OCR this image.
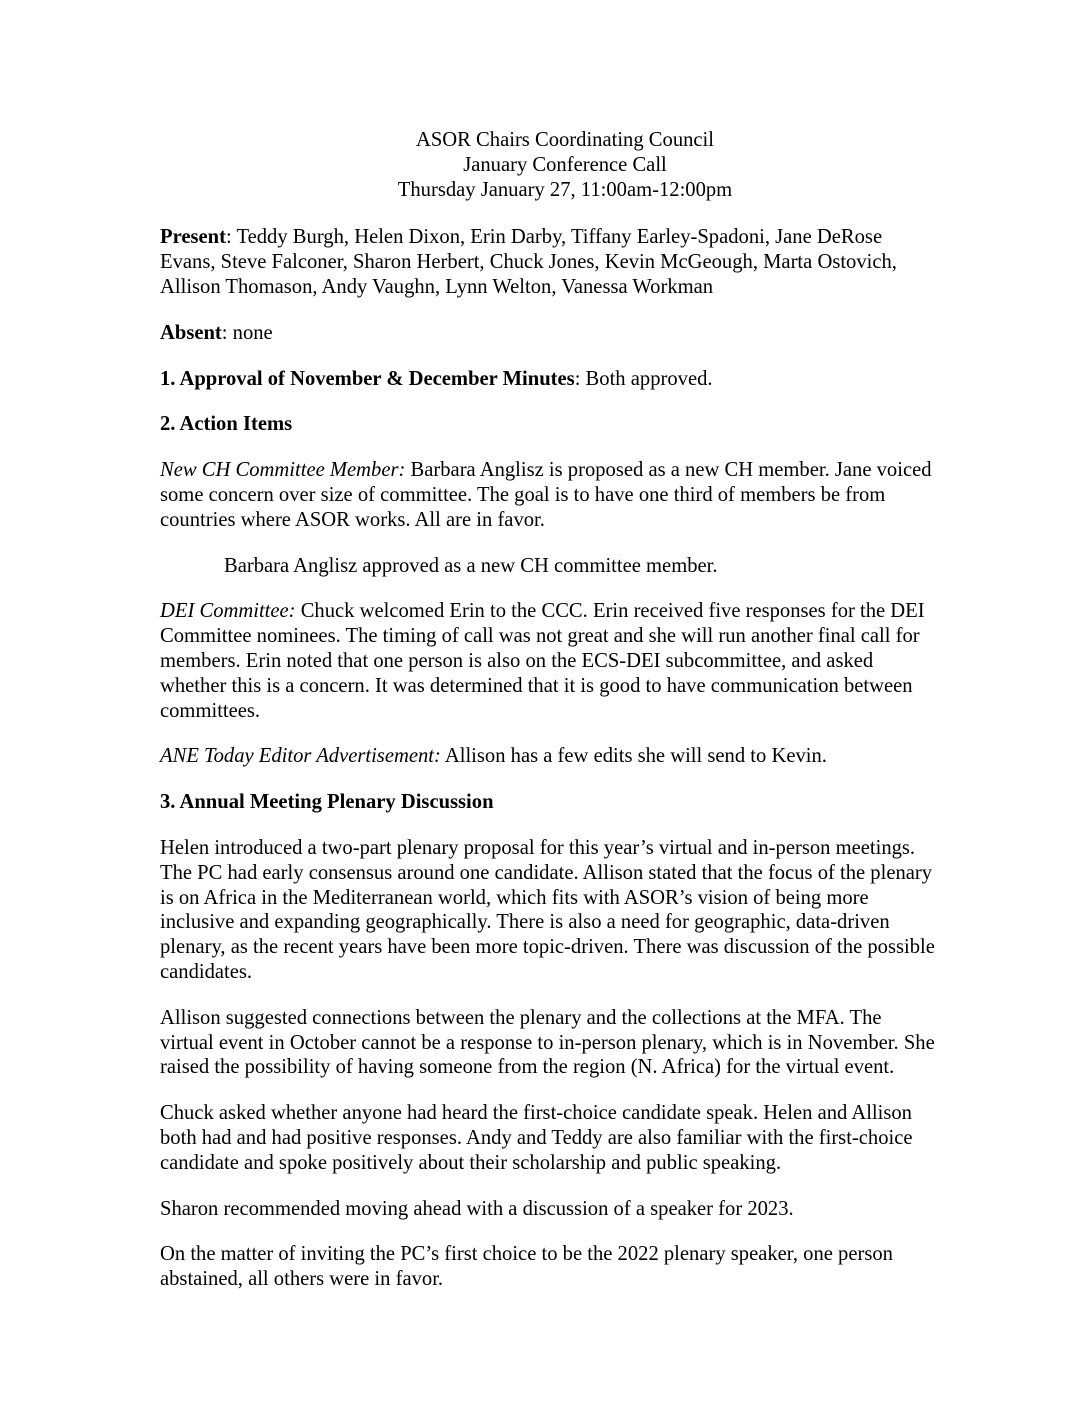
ASOR Chairs Coordinating Council
January Conference Call
Thursday January 27, 11:00am-12:00pm

Present: Teddy Burgh, Helen Dixon, Erin Darby, Tiffany Earley-Spadoni, Jane DeRose Evans, Steve Falconer, Sharon Herbert, Chuck Jones, Kevin McGeough, Marta Ostovich, Allison Thomason, Andy Vaughn, Lynn Welton, Vanessa Workman

Absent: none

1. Approval of November & December Minutes: Both approved.

2. Action Items

New CH Committee Member: Barbara Anglisz is proposed as a new CH member. Jane voiced some concern over size of committee. The goal is to have one third of members be from countries where ASOR works. All are in favor.

Barbara Anglisz approved as a new CH committee member.

DEI Committee: Chuck welcomed Erin to the CCC. Erin received five responses for the DEI Committee nominees. The timing of call was not great and she will run another final call for members. Erin noted that one person is also on the ECS-DEI subcommittee, and asked whether this is a concern. It was determined that it is good to have communication between committees.

ANE Today Editor Advertisement: Allison has a few edits she will send to Kevin.

3. Annual Meeting Plenary Discussion

Helen introduced a two-part plenary proposal for this year’s virtual and in-person meetings. The PC had early consensus around one candidate. Allison stated that the focus of the plenary is on Africa in the Mediterranean world, which fits with ASOR’s vision of being more inclusive and expanding geographically. There is also a need for geographic, data-driven plenary, as the recent years have been more topic-driven. There was discussion of the possible candidates.

Allison suggested connections between the plenary and the collections at the MFA. The virtual event in October cannot be a response to in-person plenary, which is in November. She raised the possibility of having someone from the region (N. Africa) for the virtual event.

Chuck asked whether anyone had heard the first-choice candidate speak. Helen and Allison both had and had positive responses. Andy and Teddy are also familiar with the first-choice candidate and spoke positively about their scholarship and public speaking.

Sharon recommended moving ahead with a discussion of a speaker for 2023.

On the matter of inviting the PC’s first choice to be the 2022 plenary speaker, one person abstained, all others were in favor.
